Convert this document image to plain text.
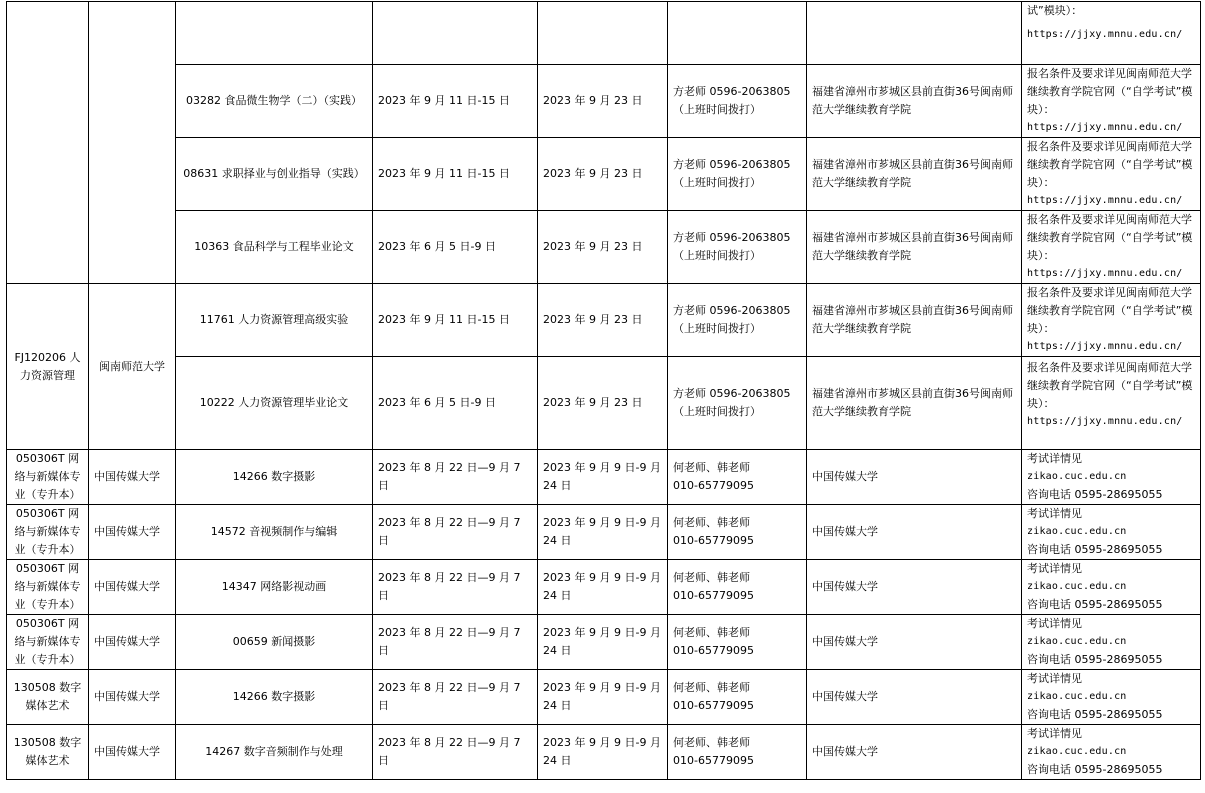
							试”模块）：
https://jjxy.mnnu.edu.cn/

		03282 食品微生物学（二）（实践）	2023 年 9 月 11 日-15 日	2023 年 9 月 23 日	方老师 0596-2063805
（上班时间拨打）	福建省漳州市芗城区县前直街36号闽南师范大学继续教育学院	报名条件及要求详见闽南师范大学继续教育学院官网（“自学考试”模块）：
https://jjxy.mnnu.edu.cn/

		08631 求职择业与创业指导（实践）	2023 年 9 月 11 日-15 日	2023 年 9 月 23 日	方老师 0596-2063805
（上班时间拨打）	福建省漳州市芗城区县前直街36号闽南师范大学继续教育学院	报名条件及要求详见闽南师范大学继续教育学院官网（“自学考试”模块）：
https://jjxy.mnnu.edu.cn/

		10363 食品科学与工程毕业论文	2023 年 6 月 5 日-9 日	2023 年 9 月 23 日	方老师 0596-2063805
（上班时间拨打）	福建省漳州市芗城区县前直街36号闽南师范大学继续教育学院	报名条件及要求详见闽南师范大学继续教育学院官网（“自学考试”模块）：
https://jjxy.mnnu.edu.cn/

FJ120206 人力资源管理	闽南师范大学	11761 人力资源管理高级实验	2023 年 9 月 11 日-15 日	2023 年 9 月 23 日	方老师 0596-2063805
（上班时间拨打）	福建省漳州市芗城区县前直街36号闽南师范大学继续教育学院	报名条件及要求详见闽南师范大学继续教育学院官网（“自学考试”模块）：
https://jjxy.mnnu.edu.cn/

		10222 人力资源管理毕业论文	2023 年 6 月 5 日-9 日	2023 年 9 月 23 日	方老师 0596-2063805
（上班时间拨打）	福建省漳州市芗城区县前直街36号闽南师范大学继续教育学院	报名条件及要求详见闽南师范大学继续教育学院官网（“自学考试”模块）：
https://jjxy.mnnu.edu.cn/

050306T 网络与新媒体专业（专升本）	中国传媒大学	14266 数字摄影	2023 年 8 月 22 日—9 月 7 日	2023 年 9 月 9 日-9 月 24 日	何老师、韩老师
010-65779095	中国传媒大学	考试详情见
zikao.cuc.edu.cn
咨询电话 0595-28695055

050306T 网络与新媒体专业（专升本）	中国传媒大学	14572 音视频制作与编辑	2023 年 8 月 22 日—9 月 7 日	2023 年 9 月 9 日-9 月 24 日	何老师、韩老师
010-65779095	中国传媒大学	考试详情见
zikao.cuc.edu.cn
咨询电话 0595-28695055

050306T 网络与新媒体专业（专升本）	中国传媒大学	14347 网络影视动画	2023 年 8 月 22 日—9 月 7 日	2023 年 9 月 9 日-9 月 24 日	何老师、韩老师
010-65779095	中国传媒大学	考试详情见
zikao.cuc.edu.cn
咨询电话 0595-28695055

050306T 网络与新媒体专业（专升本）	中国传媒大学	00659 新闻摄影	2023 年 8 月 22 日—9 月 7 日	2023 年 9 月 9 日-9 月 24 日	何老师、韩老师
010-65779095	中国传媒大学	考试详情见
zikao.cuc.edu.cn
咨询电话 0595-28695055

130508 数字媒体艺术	中国传媒大学	14266 数字摄影	2023 年 8 月 22 日—9 月 7 日	2023 年 9 月 9 日-9 月 24 日	何老师、韩老师
010-65779095	中国传媒大学	考试详情见
zikao.cuc.edu.cn
咨询电话 0595-28695055

130508 数字媒体艺术	中国传媒大学	14267 数字音频制作与处理	2023 年 8 月 22 日—9 月 7 日	2023 年 9 月 9 日-9 月 24 日	何老师、韩老师
010-65779095	中国传媒大学	考试详情见
zikao.cuc.edu.cn
咨询电话 0595-28695055
